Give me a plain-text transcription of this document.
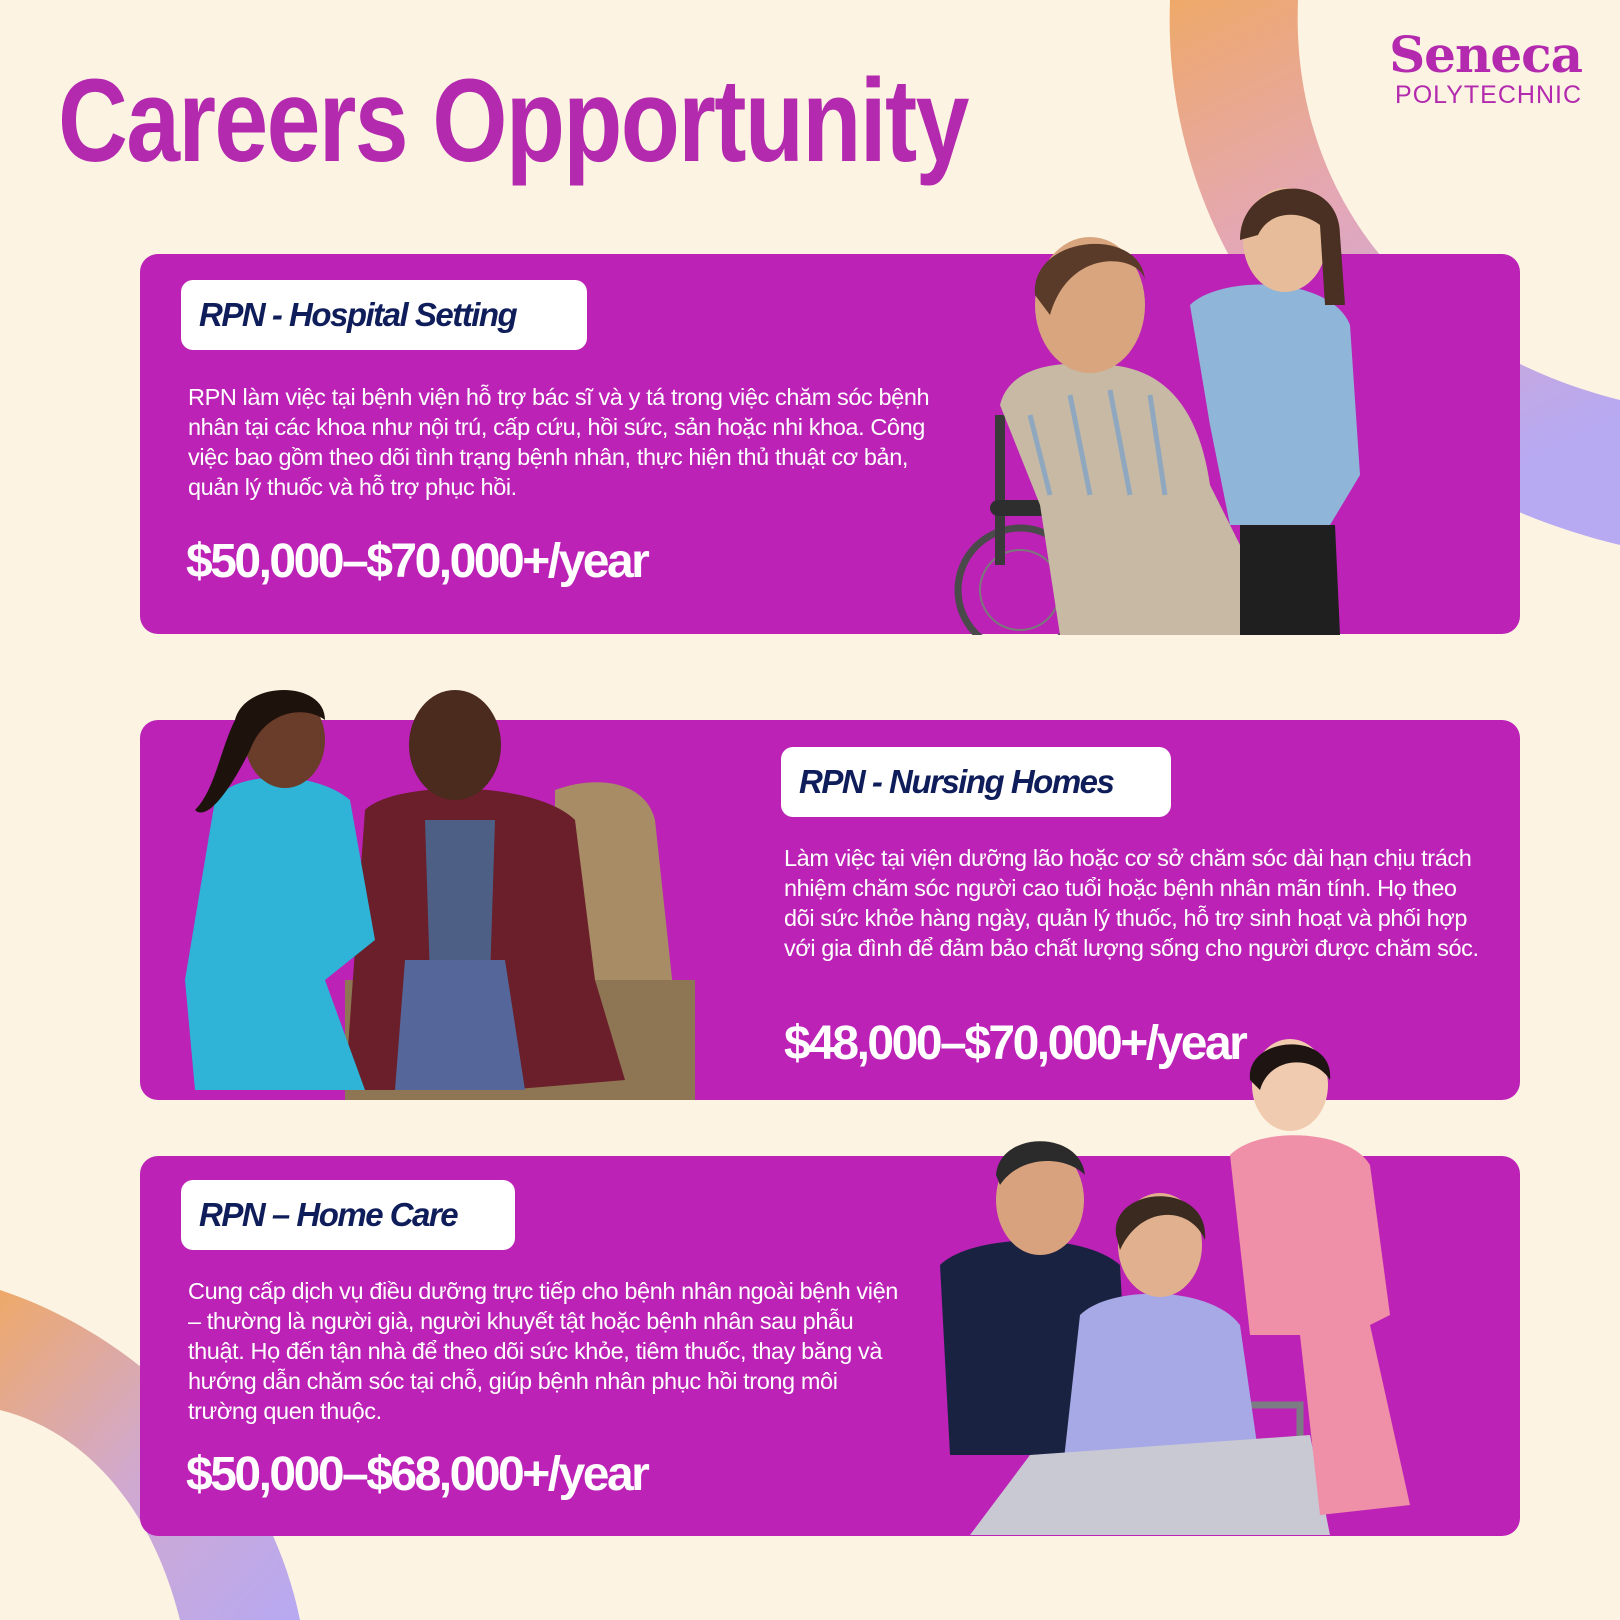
Careers Opportunity
Seneca
POLYTECHNIC
RPN - Hospital Setting

RPN làm việc tại bệnh viện hỗ trợ bác sĩ và y tá trong việc chăm sóc bệnh nhân tại các khoa như nội trú, cấp cứu, hồi sức, sản hoặc nhi khoa. Công việc bao gồm theo dõi tình trạng bệnh nhân, thực hiện thủ thuật cơ bản, quản lý thuốc và hỗ trợ phục hồi.

$50,000–$70,000+/year
RPN - Nursing Homes

Làm việc tại viện dưỡng lão hoặc cơ sở chăm sóc dài hạn chịu trách nhiệm chăm sóc người cao tuổi hoặc bệnh nhân mãn tính. Họ theo dõi sức khỏe hàng ngày, quản lý thuốc, hỗ trợ sinh hoạt và phối hợp với gia đình để đảm bảo chất lượng sống cho người được chăm sóc.

$48,000–$70,000+/year
RPN – Home Care

Cung cấp dịch vụ điều dưỡng trực tiếp cho bệnh nhân ngoài bệnh viện – thường là người già, người khuyết tật hoặc bệnh nhân sau phẫu thuật. Họ đến tận nhà để theo dõi sức khỏe, tiêm thuốc, thay băng và hướng dẫn chăm sóc tại chỗ, giúp bệnh nhân phục hồi trong môi trường quen thuộc.

$50,000–$68,000+/year
